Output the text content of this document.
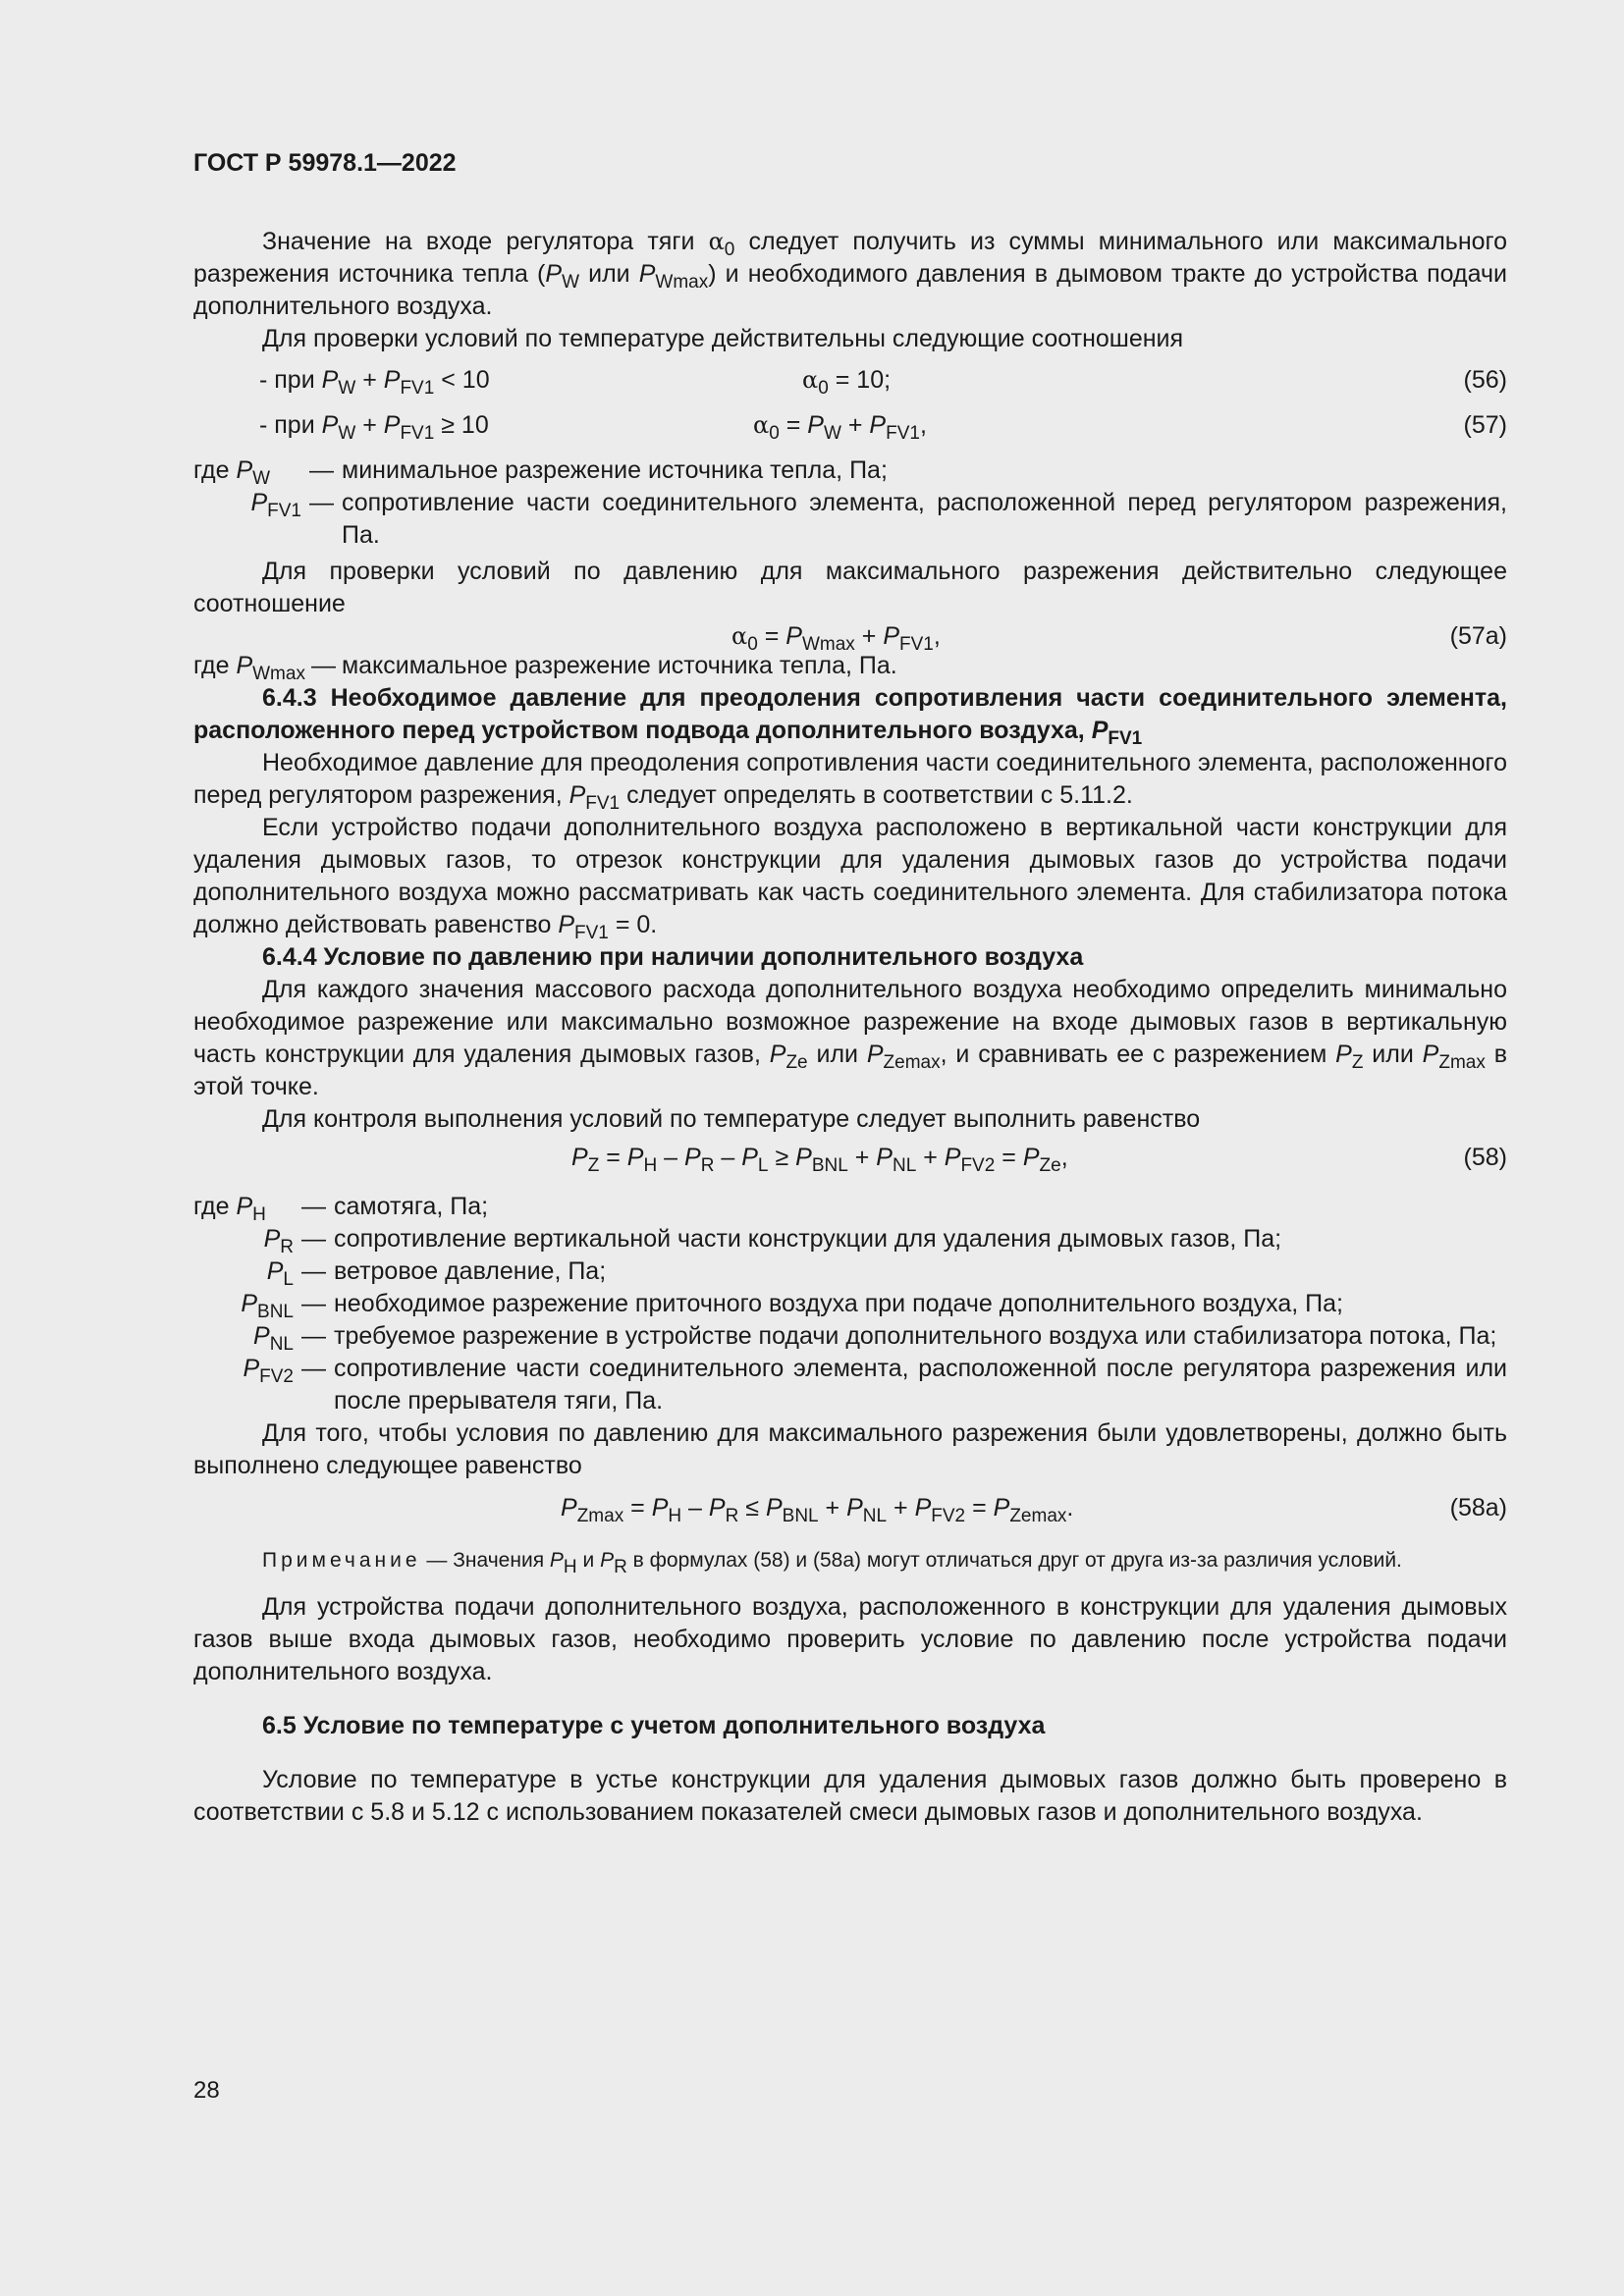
ГОСТ Р 59978.1—2022

Значение на входе регулятора тяги $\alpha_0$ следует получить из суммы минимального или максимального разрежения источника тепла ($P_W$ или $P_{Wmax}$) и необходимого давления в дымовом тракте до устройства подачи дополнительного воздуха.

Для проверки условий по температуре действительны следующие соотношения

- при $P_W + P_{FV1} < 10$	$\alpha_0 = 10$;	(56)
- при $P_W + P_{FV1} \ge 10$	$\alpha_0 = P_W + P_{FV1}$,	(57)
где $P_W$	— минимальное разрежение источника тепла, Па;
$P_{FV1}$ — сопротивление части соединительного элемента, расположенной перед регулятором разрежения, Па.

Для проверки условий по давлению для максимального разрежения действительно следующее соотношение

$\alpha_0 = P_{Wmax} + P_{FV1}$,	(57а)
где $P_{Wmax}$ — максимальное разрежение источника тепла, Па.

6.4.3 Необходимое давление для преодоления сопротивления части соединительного элемента, расположенного перед устройством подвода дополнительного воздуха, $P_{FV1}$

Необходимое давление для преодоления сопротивления части соединительного элемента, расположенного перед регулятором разрежения, $P_{FV1}$ следует определять в соответствии с 5.11.2.

Если устройство подачи дополнительного воздуха расположено в вертикальной части конструкции для удаления дымовых газов, то отрезок конструкции для удаления дымовых газов до устройства подачи дополнительного воздуха можно рассматривать как часть соединительного элемента. Для стабилизатора потока должно действовать равенство $P_{FV1} = 0$.

6.4.4 Условие по давлению при наличии дополнительного воздуха

Для каждого значения массового расхода дополнительного воздуха необходимо определить минимально необходимое разрежение или максимально возможное разрежение на входе дымовых газов в вертикальную часть конструкции для удаления дымовых газов, $P_{Ze}$ или $P_{Zemax}$, и сравнивать ее с разрежением $P_Z$ или $P_{Zmax}$ в этой точке.

Для контроля выполнения условий по температуре следует выполнить равенство

$P_Z = P_H - P_R - P_L \ge P_{BNL} + P_{NL} + P_{FV2} = P_{Ze}$,	(58)
где $P_H$	— самотяга, Па;
$P_R$ — сопротивление вертикальной части конструкции для удаления дымовых газов, Па;
$P_L$ — ветровое давление, Па;
$P_{BNL}$ — необходимое разрежение приточного воздуха при подаче дополнительного воздуха, Па;
$P_{NL}$ — требуемое разрежение в устройстве подачи дополнительного воздуха или стабилизатора потока, Па;
$P_{FV2}$ — сопротивление части соединительного элемента, расположенной после регулятора разрежения или после прерывателя тяги, Па.

Для того, чтобы условия по давлению для максимального разрежения были удовлетворены, должно быть выполнено следующее равенство

$P_{Zmax} = P_H - P_R \le P_{BNL} + P_{NL} + P_{FV2} = P_{Zemax}$.	(58а)

Примечание — Значения PH и PR в формулах (58) и (58а) могут отличаться друг от друга из-за различия условий.

Для устройства подачи дополнительного воздуха, расположенного в конструкции для удаления дымовых газов выше входа дымовых газов, необходимо проверить условие по давлению после устройства подачи дополнительного воздуха.

6.5 Условие по температуре с учетом дополнительного воздуха

Условие по температуре в устье конструкции для удаления дымовых газов должно быть проверено в соответствии с 5.8 и 5.12 с использованием показателей смеси дымовых газов и дополнительного воздуха.

28
